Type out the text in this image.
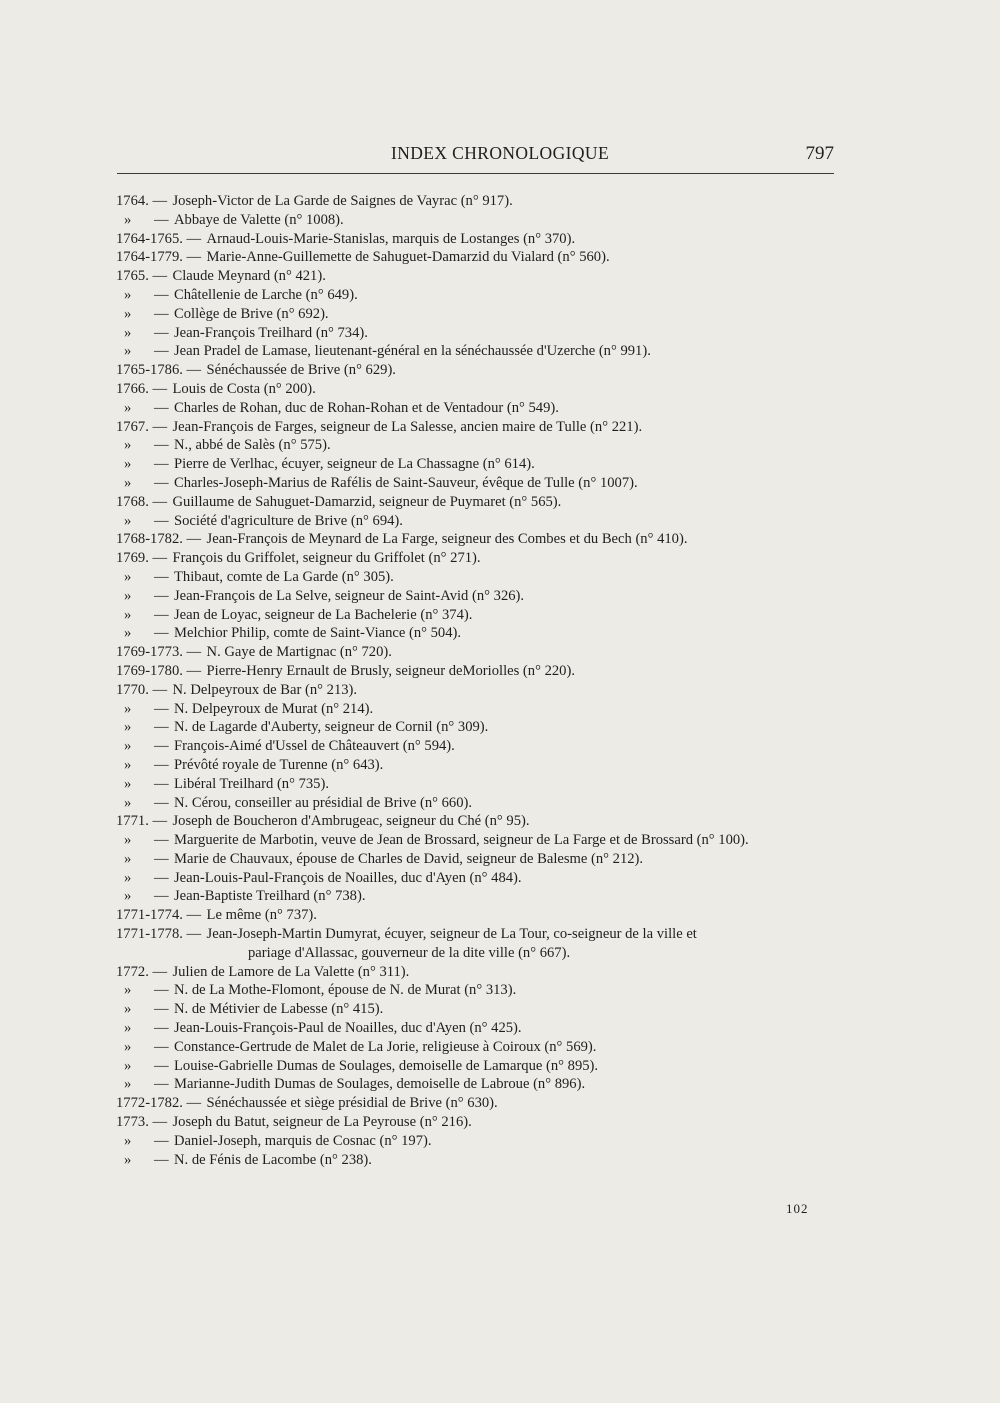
INDEX CHRONOLOGIQUE	797
1764. — Joseph-Victor de La Garde de Saignes de Vayrac (n° 917).
» — Abbaye de Valette (n° 1008).
1764-1765. — Arnaud-Louis-Marie-Stanislas, marquis de Lostanges (n° 370).
1764-1779. — Marie-Anne-Guillemette de Sahuguet-Damarzid du Vialard (n° 560).
1765. — Claude Meynard (n° 421).
» — Châtellenie de Larche (n° 649).
» — Collège de Brive (n° 692).
» — Jean-François Treilhard (n° 734).
» — Jean Pradel de Lamase, lieutenant-général en la sénéchaussée d'Uzerche (n° 991).
1765-1786. — Sénéchaussée de Brive (n° 629).
1766. — Louis de Costa (n° 200).
» — Charles de Rohan, duc de Rohan-Rohan et de Ventadour (n° 549).
1767. — Jean-François de Farges, seigneur de La Salesse, ancien maire de Tulle (n° 221).
» — N., abbé de Salès (n° 575).
» — Pierre de Verlhac, écuyer, seigneur de La Chassagne (n° 614).
» — Charles-Joseph-Marius de Rafélis de Saint-Sauveur, évêque de Tulle (n° 1007).
1768. — Guillaume de Sahuguet-Damarzid, seigneur de Puymaret (n° 565).
» — Société d'agriculture de Brive (n° 694).
1768-1782. — Jean-François de Meynard de La Farge, seigneur des Combes et du Bech (n° 410).
1769. — François du Griffolet, seigneur du Griffolet (n° 271).
» — Thibaut, comte de La Garde (n° 305).
» — Jean-François de La Selve, seigneur de Saint-Avid (n° 326).
» — Jean de Loyac, seigneur de La Bachelerie (n° 374).
» — Melchior Philip, comte de Saint-Viance (n° 504).
1769-1773. — N. Gaye de Martignac (n° 720).
1769-1780. — Pierre-Henry Ernault de Brusly, seigneur deMoriolles (n° 220).
1770. — N. Delpeyroux de Bar (n° 213).
» — N. Delpeyroux de Murat (n° 214).
» — N. de Lagarde d'Auberty, seigneur de Cornil (n° 309).
» — François-Aimé d'Ussel de Châteauvert (n° 594).
» — Prévôté royale de Turenne (n° 643).
» — Libéral Treilhard (n° 735).
» — N. Cérou, conseiller au présidial de Brive (n° 660).
1771. — Joseph de Boucheron d'Ambrugeac, seigneur du Ché (n° 95).
» — Marguerite de Marbotin, veuve de Jean de Brossard, seigneur de La Farge et de Brossard (n° 100).
» — Marie de Chauvaux, épouse de Charles de David, seigneur de Balesme (n° 212).
» — Jean-Louis-Paul-François de Noailles, duc d'Ayen (n° 484).
» — Jean-Baptiste Treilhard (n° 738).
1771-1774. — Le même (n° 737).
1771-1778. — Jean-Joseph-Martin Dumyrat, écuyer, seigneur de La Tour, co-seigneur de la ville et
pariage d'Allassac, gouverneur de la dite ville (n° 667).
1772. — Julien de Lamore de La Valette (n° 311).
» — N. de La Mothe-Flomont, épouse de N. de Murat (n° 313).
» — N. de Métivier de Labesse (n° 415).
» — Jean-Louis-François-Paul de Noailles, duc d'Ayen (n° 425).
» — Constance-Gertrude de Malet de La Jorie, religieuse à Coiroux (n° 569).
» — Louise-Gabrielle Dumas de Soulages, demoiselle de Lamarque (n° 895).
» — Marianne-Judith Dumas de Soulages, demoiselle de Labroue (n° 896).
1772-1782. — Sénéchaussée et siège présidial de Brive (n° 630).
1773. — Joseph du Batut, seigneur de La Peyrouse (n° 216).
» — Daniel-Joseph, marquis de Cosnac (n° 197).
» — N. de Fénis de Lacombe (n° 238).
102
